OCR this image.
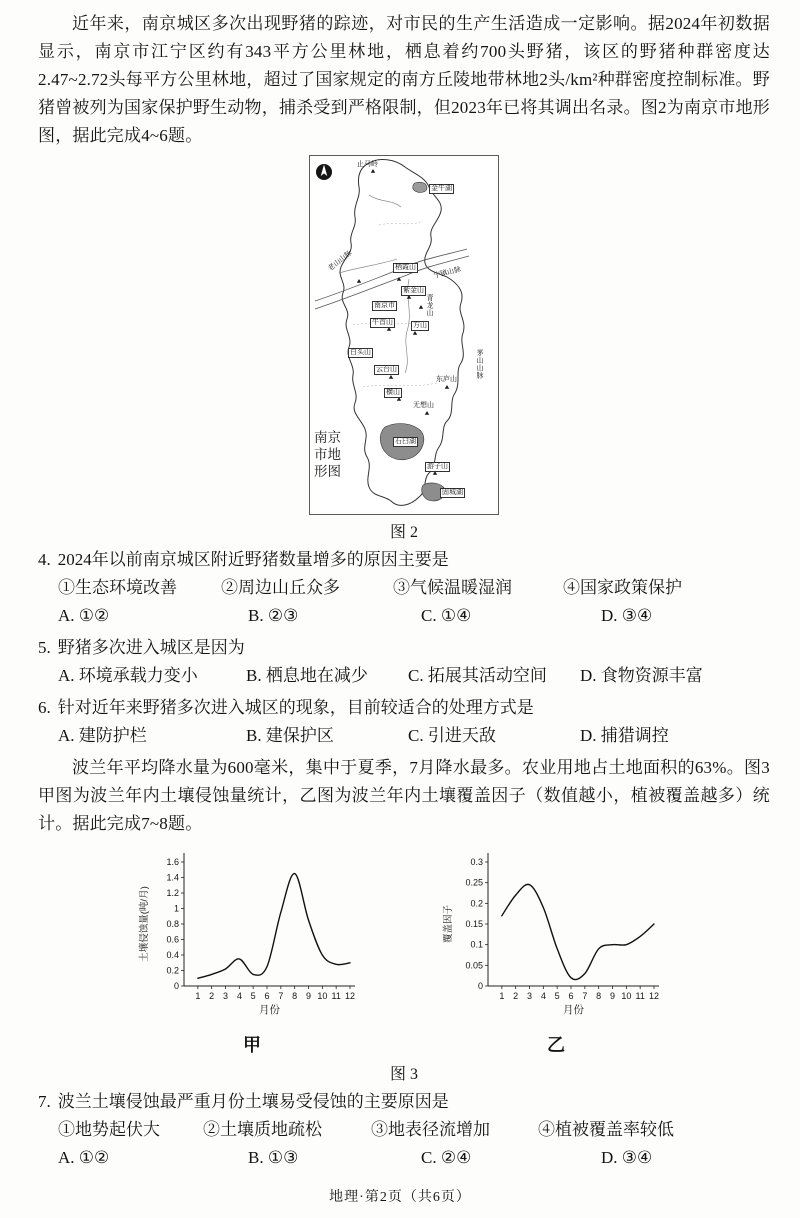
近年来，南京城区多次出现野猪的踪迹，对市民的生产生活造成一定影响。据2024年初数据显示，南京市江宁区约有343平方公里林地，栖息着约700头野猪，该区的野猪种群密度达2.47~2.72头每平方公里林地，超过了国家规定的南方丘陵地带林地2头/km²种群密度控制标准。野猪曾被列为国家保护野生动物，捕杀受到严格限制，但2023年已将其调出名录。图2为南京市地形图，据此完成4~6题。

止马岭
金牛湖
老山山脉
宁镇山脉
栖霞山
紫金山
南京市	青龙山
牛首山	方山
白头山
云台山
横山
茅山山脉
东庐山
无想山
石臼湖
游子山
固城湖
南京
市地
形图
图 2
4. 2024年以前南京城区附近野猪数量增多的原因主要是
①生态环境改善	②周边山丘众多	③气候温暖湿润	④国家政策保护
A. ①②	B. ②③	C. ①④	D. ③④
5. 野猪多次进入城区是因为
A. 环境承载力变小	B. 栖息地在减少	C. 拓展其活动空间	D. 食物资源丰富
6. 针对近年来野猪多次进入城区的现象，目前较适合的处理方式是
A. 建防护栏	B. 建保护区	C. 引进天敌	D. 捕猎调控

波兰年平均降水量为600毫米，集中于夏季，7月降水最多。农业用地占土地面积的63%。图3甲图为波兰年内土壤侵蚀量统计，乙图为波兰年内土壤覆盖因子（数值越小，植被覆盖越多）统计。据此完成7~8题。

0
0.2
0.4
0.6
0.8
1
1.2
1.4
1.6
1 2 3 4 5 6 7 8 9 10 11 12
月份
土壤侵蚀量(吨/月)
甲
0
0.05
0.1
0.15
0.2
0.25
0.3
1 2 3 4 5 6 7 8 9 10 11 12
月份
覆盖因子
乙
图 3
7. 波兰土壤侵蚀最严重月份土壤易受侵蚀的主要原因是
①地势起伏大	②土壤质地疏松	③地表径流增加	④植被覆盖率较低
A. ①②	B. ①③	C. ②④	D. ③④
地理·第2页（共6页）
